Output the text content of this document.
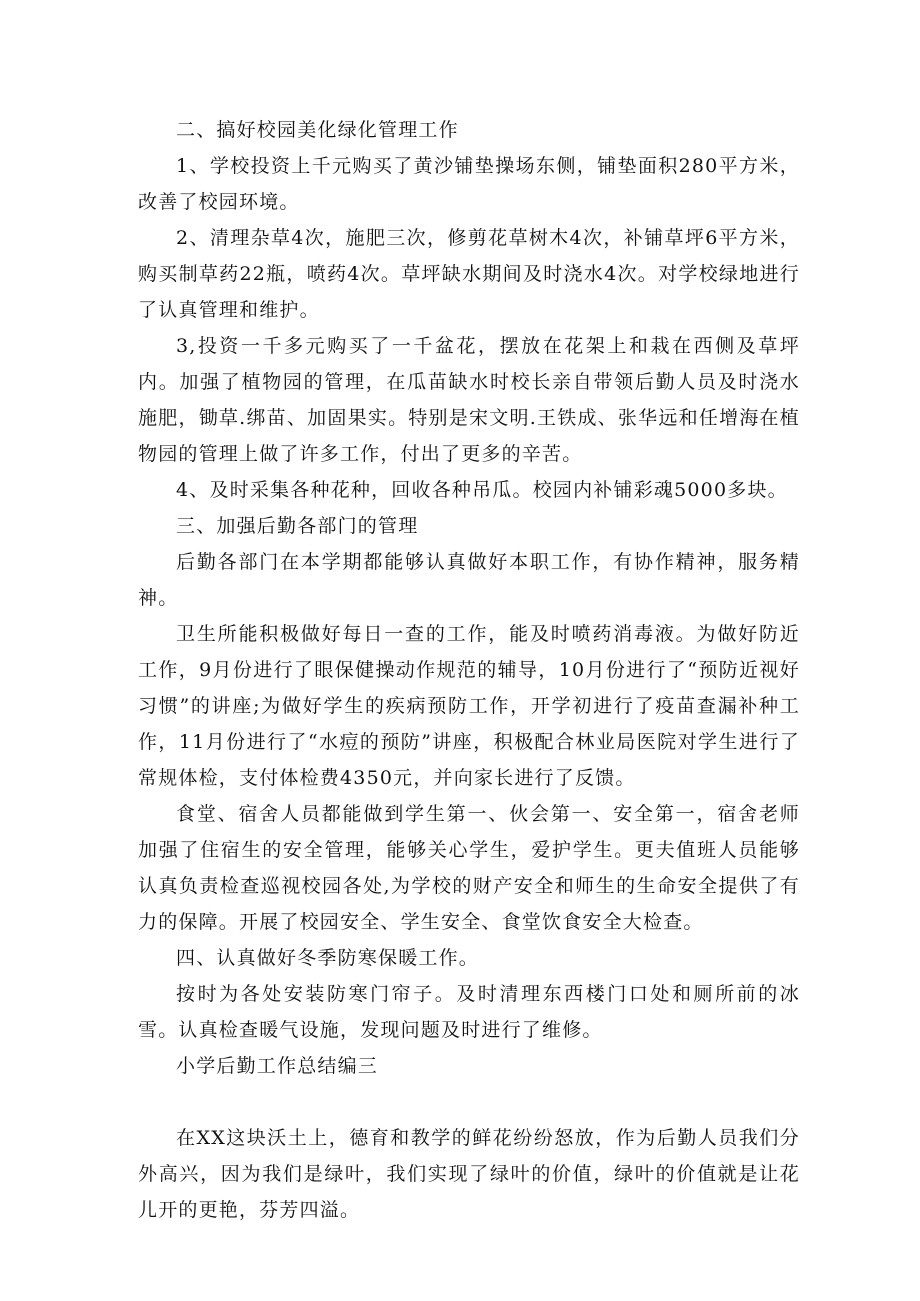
二、搞好校园美化绿化管理工作

1、学校投资上千元购买了黄沙铺垫操场东侧，铺垫面积280平方米，改善了校园环境。

2、清理杂草4次，施肥三次，修剪花草树木4次，补铺草坪6平方米，购买制草药22瓶，喷药4次。草坪缺水期间及时浇水4次。对学校绿地进行了认真管理和维护。

3,投资一千多元购买了一千盆花，摆放在花架上和栽在西侧及草坪内。加强了植物园的管理，在瓜苗缺水时校长亲自带领后勤人员及时浇水施肥，锄草.绑苗、加固果实。特别是宋文明.王铁成、张华远和任增海在植物园的管理上做了许多工作，付出了更多的辛苦。

4、及时采集各种花种，回收各种吊瓜。校园内补铺彩魂5000多块。

三、加强后勤各部门的管理

后勤各部门在本学期都能够认真做好本职工作，有协作精神，服务精神。

卫生所能积极做好每日一查的工作，能及时喷药消毒液。为做好防近工作，9月份进行了眼保健操动作规范的辅导，10月份进行了“预防近视好习惯”的讲座;为做好学生的疾病预防工作，开学初进行了疫苗查漏补种工作，11月份进行了“水痘的预防”讲座，积极配合林业局医院对学生进行了常规体检，支付体检费4350元，并向家长进行了反馈。

食堂、宿舍人员都能做到学生第一、伙会第一、安全第一，宿舍老师加强了住宿生的安全管理，能够关心学生，爱护学生。更夫值班人员能够认真负责检查巡视校园各处,为学校的财产安全和师生的生命安全提供了有力的保障。开展了校园安全、学生安全、食堂饮食安全大检查。

四、认真做好冬季防寒保暖工作。

按时为各处安装防寒门帘子。及时清理东西楼门口处和厕所前的冰雪。认真检查暖气设施，发现问题及时进行了维修。

小学后勤工作总结编三

在XX这块沃土上，德育和教学的鲜花纷纷怒放，作为后勤人员我们分外高兴，因为我们是绿叶，我们实现了绿叶的价值，绿叶的价值就是让花儿开的更艳，芬芳四溢。
